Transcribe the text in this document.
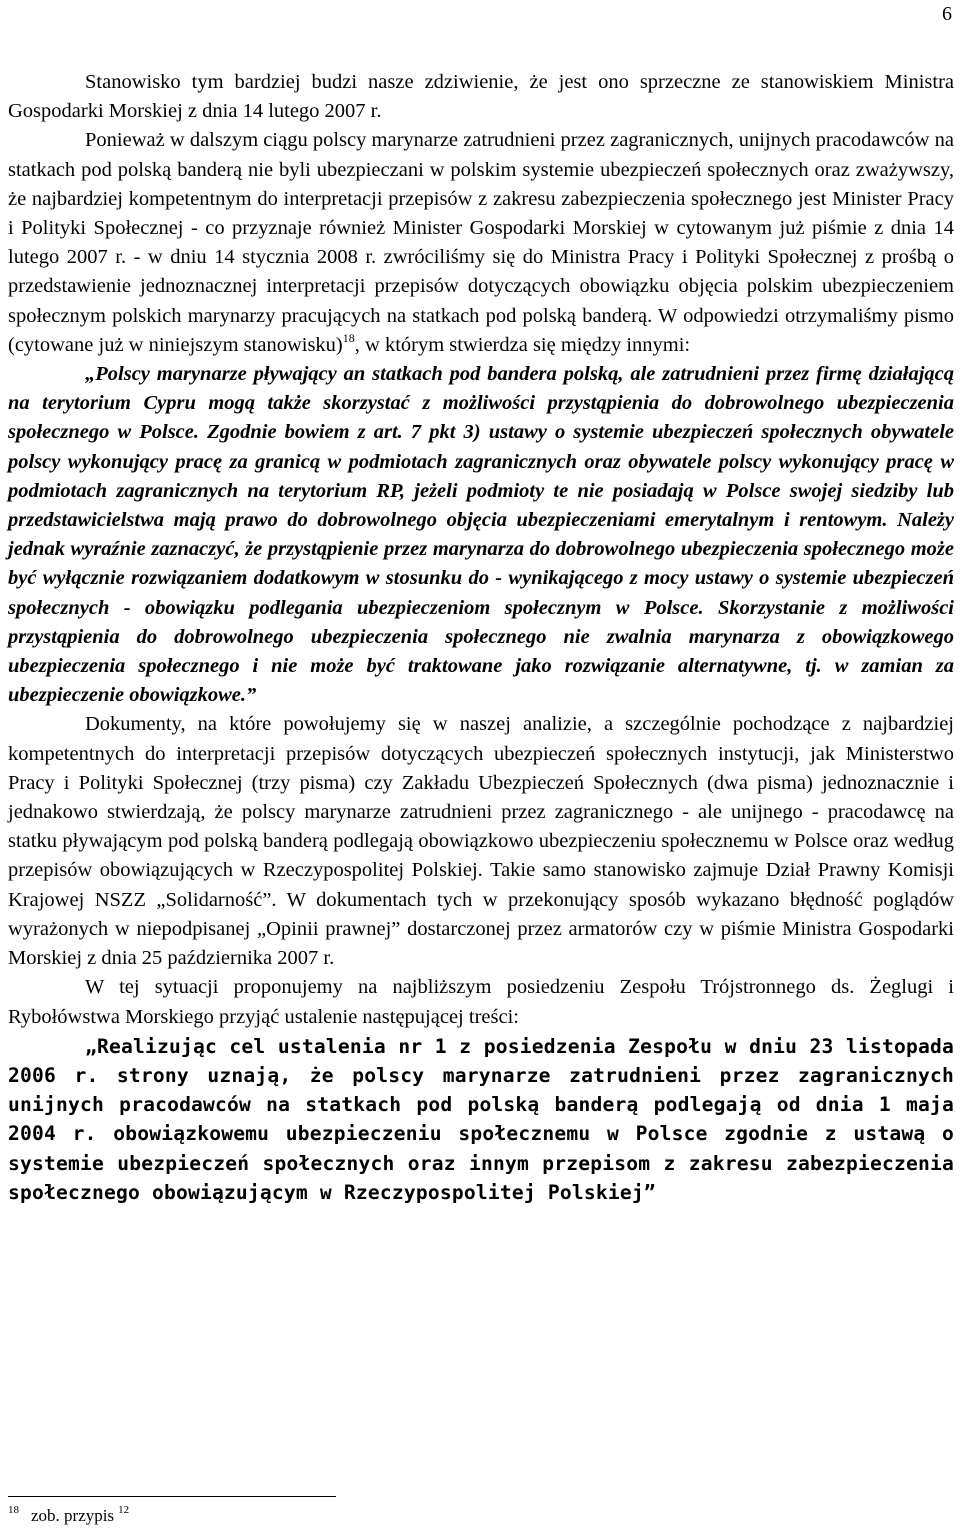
6

Stanowisko tym bardziej budzi nasze zdziwienie, że jest ono sprzeczne ze stanowiskiem Ministra Gospodarki Morskiej z dnia 14 lutego 2007 r.

Ponieważ w dalszym ciągu polscy marynarze zatrudnieni przez zagranicznych, unijnych pracodawców na statkach pod polską banderą nie byli ubezpieczani w polskim systemie ubezpieczeń społecznych oraz zważywszy, że najbardziej kompetentnym do interpretacji przepisów z zakresu zabezpieczenia społecznego jest Minister Pracy i Polityki Społecznej - co przyznaje również Minister Gospodarki Morskiej w cytowanym już piśmie z dnia 14 lutego 2007 r. - w dniu 14 stycznia 2008 r. zwróciliśmy się do Ministra Pracy i Polityki Społecznej z prośbą o przedstawienie jednoznacznej interpretacji przepisów dotyczących obowiązku objęcia polskim ubezpieczeniem społecznym polskich marynarzy pracujących na statkach pod polską banderą. W odpowiedzi otrzymaliśmy pismo (cytowane już w niniejszym stanowisku)$^{18}$, w którym stwierdza się między innymi:

„Polscy marynarze pływający an statkach pod bandera polską, ale zatrudnieni przez firmę działającą na terytorium Cypru mogą także skorzystać z możliwości przystąpienia do dobrowolnego ubezpieczenia społecznego w Polsce. Zgodnie bowiem z art. 7 pkt 3) ustawy o systemie ubezpieczeń społecznych obywatele polscy wykonujący pracę za granicą w podmiotach zagranicznych oraz obywatele polscy wykonujący pracę w podmiotach zagranicznych na terytorium RP, jeżeli podmioty te nie posiadają w Polsce swojej siedziby lub przedstawicielstwa mają prawo do dobrowolnego objęcia ubezpieczeniami emerytalnym i rentowym. Należy jednak wyraźnie zaznaczyć, że przystąpienie przez marynarza do dobrowolnego ubezpieczenia społecznego może być wyłącznie rozwiązaniem dodatkowym w stosunku do - wynikającego z mocy ustawy o systemie ubezpieczeń społecznych - obowiązku podlegania ubezpieczeniom społecznym w Polsce. Skorzystanie z możliwości przystąpienia do dobrowolnego ubezpieczenia społecznego nie zwalnia marynarza z obowiązkowego ubezpieczenia społecznego i nie może być traktowane jako rozwiązanie alternatywne, tj. w zamian za ubezpieczenie obowiązkowe.”

Dokumenty, na które powołujemy się w naszej analizie, a szczególnie pochodzące z najbardziej kompetentnych do interpretacji przepisów dotyczących ubezpieczeń społecznych instytucji, jak Ministerstwo Pracy i Polityki Społecznej (trzy pisma) czy Zakładu Ubezpieczeń Społecznych (dwa pisma) jednoznacznie i jednakowo stwierdzają, że polscy marynarze zatrudnieni przez zagranicznego - ale unijnego - pracodawcę na statku pływającym pod polską banderą podlegają obowiązkowo ubezpieczeniu społecznemu w Polsce oraz według przepisów obowiązujących w Rzeczypospolitej Polskiej. Takie samo stanowisko zajmuje Dział Prawny Komisji Krajowej NSZZ „Solidarność”. W dokumentach tych w przekonujący sposób wykazano błędność poglądów wyrażonych w niepodpisanej „Opinii prawnej” dostarczonej przez armatorów czy w piśmie Ministra Gospodarki Morskiej z dnia 25 października 2007 r.

W tej sytuacji proponujemy na najbliższym posiedzeniu Zespołu Trójstronnego ds. Żeglugi i Rybołówstwa Morskiego przyjąć ustalenie następującej treści:

„Realizując cel ustalenia nr 1 z posiedzenia Zespołu w dniu 23 listopada 2006 r. strony uznają, że polscy marynarze zatrudnieni przez zagranicznych unijnych pracodawców na statkach pod polską banderą podlegają od dnia 1 maja 2004 r. obowiązkowemu ubezpieczeniu społecznemu w Polsce zgodnie z ustawą o systemie ubezpieczeń społecznych oraz innym przepisom z zakresu zabezpieczenia społecznego obowiązującym w Rzeczypospolitej Polskiej”

$^{18}$ zob. przypis $^{12}$
